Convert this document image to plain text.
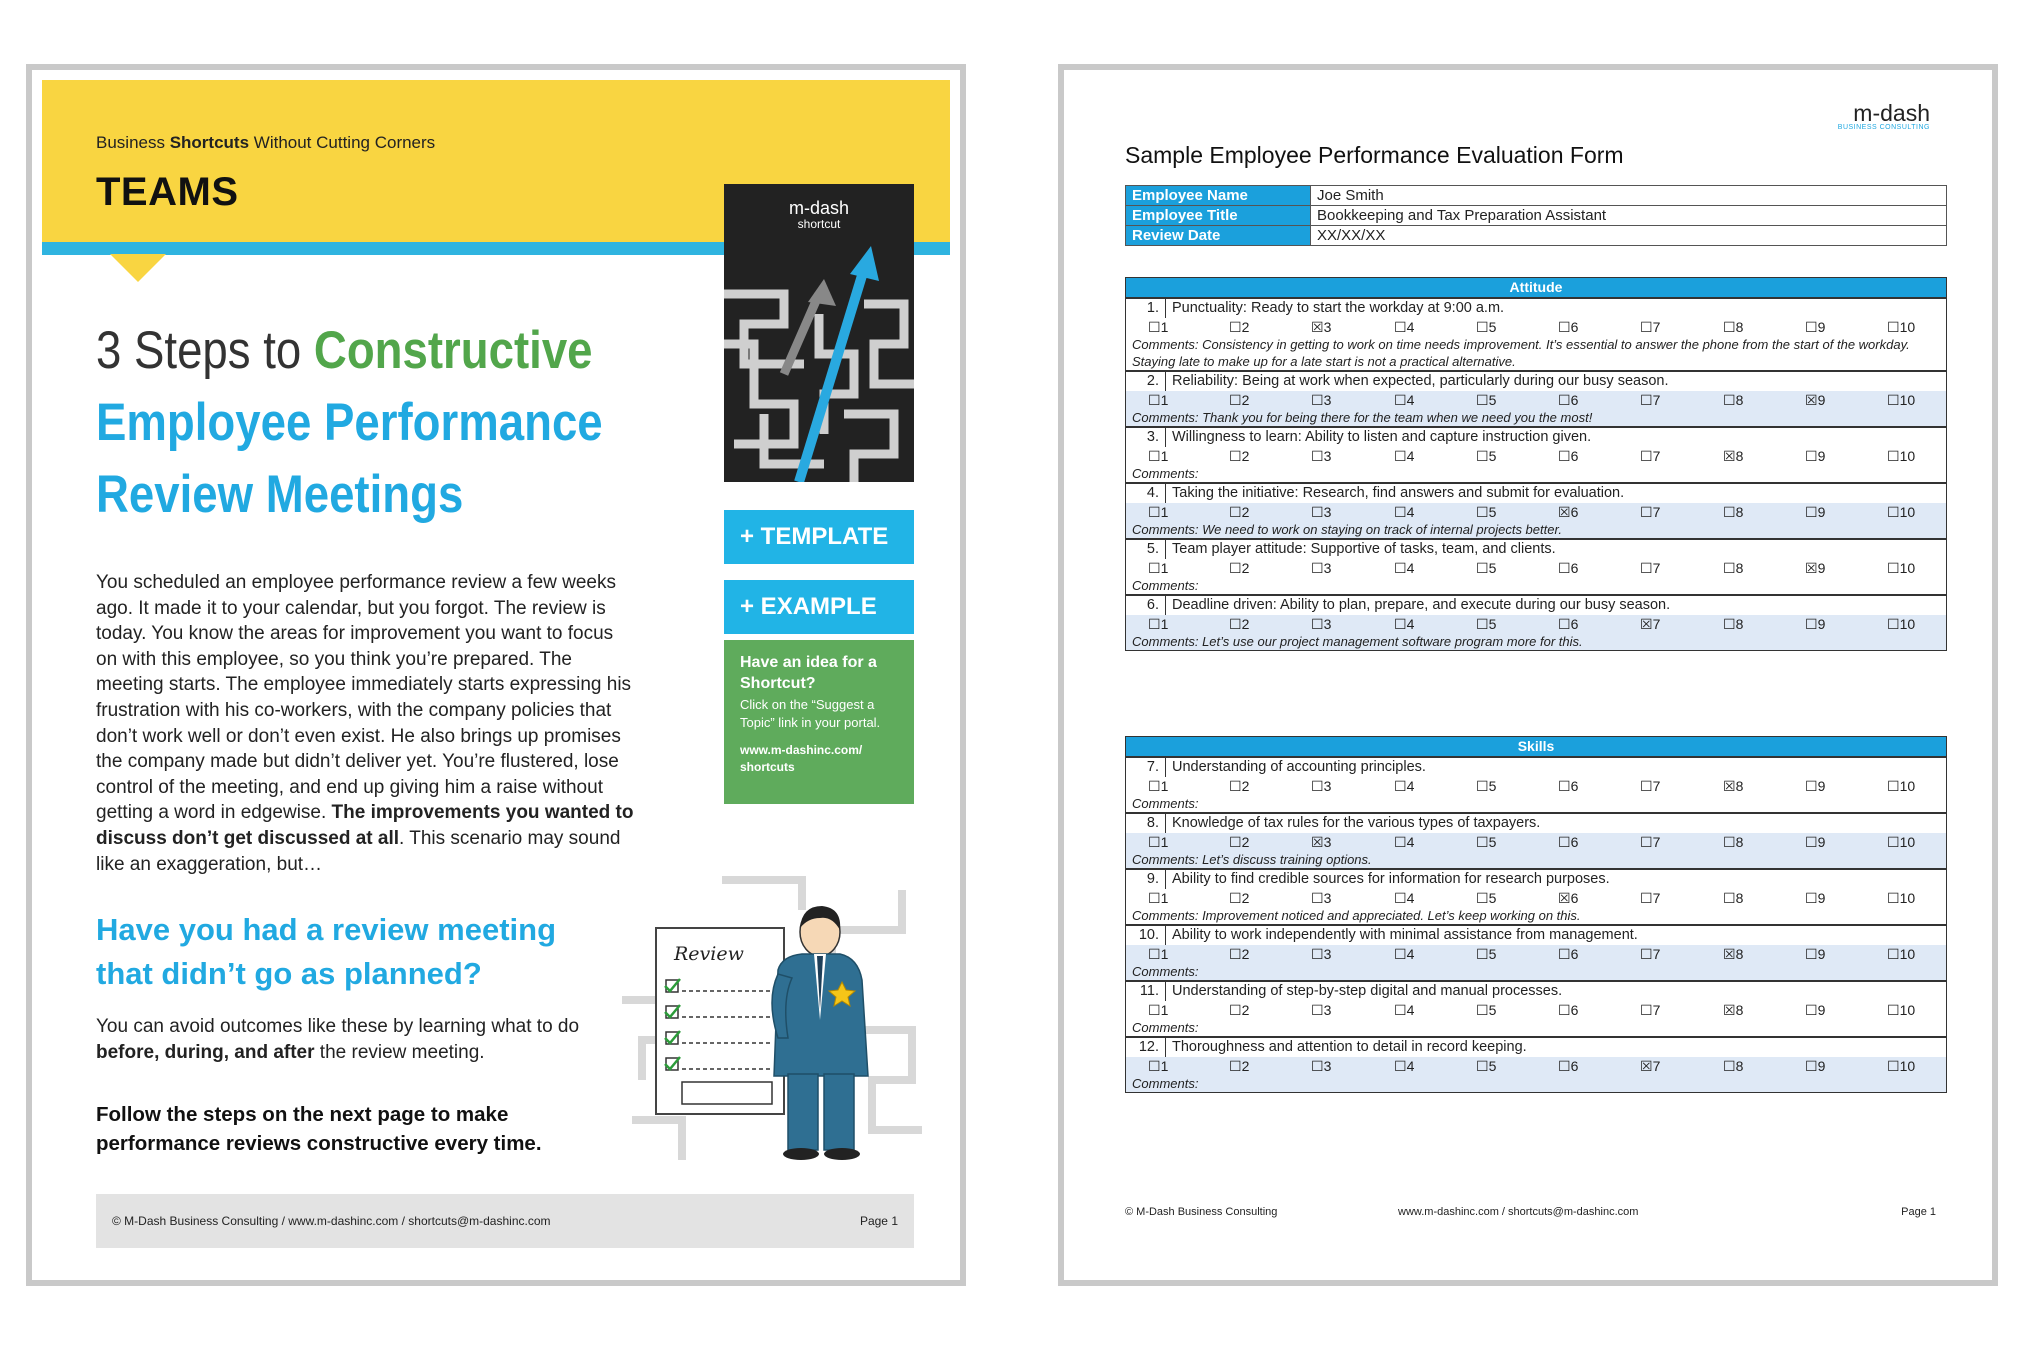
Business Shortcuts Without Cutting Corners
TEAMS
3 Steps to Constructive
Employee Performance
Review Meetings
m-dash
shortcut
+ TEMPLATE
+ EXAMPLE
Have an idea for a Shortcut?
Click on the “Suggest a Topic” link in your portal.
www.m-dashinc.com/ shortcuts
You scheduled an employee performance review a few weeks ago. It made it to your calendar, but you forgot. The review is today. You know the areas for improvement you want to focus on with this employee, so you think you’re prepared. The meeting starts. The employee immediately starts expressing his frustration with his co-workers, with the company policies that don’t work well or don’t even exist. He also brings up promises the company made but didn’t deliver yet. You’re flustered, lose control of the meeting, and end up giving him a raise without getting a word in edgewise. The improvements you wanted to discuss don’t get discussed at all. This scenario may sound like an exaggeration, but…
Have you had a review meeting that didn’t go as planned?
You can avoid outcomes like these by learning what to do before, during, and after the review meeting.
Follow the steps on the next page to make performance reviews constructive every time.
Review
© M-Dash Business Consulting / www.m-dashinc.com / shortcuts@m-dashinc.com	Page 1
m-dash
BUSINESS CONSULTING
Sample Employee Performance Evaluation Form
Employee Name	Joe Smith
Employee Title	Bookkeeping and Tax Preparation Assistant
Review Date	XX/XX/XX
Attitude
1. Punctuality: Ready to start the workday at 9:00 a.m.
☐1	☐2	☒3	☐4	☐5	☐6	☐7	☐8	☐9	☐10
Comments: Consistency in getting to work on time needs improvement. It’s essential to answer the phone from the start of the workday. Staying late to make up for a late start is not a practical alternative.
2. Reliability: Being at work when expected, particularly during our busy season.
☐1	☐2	☐3	☐4	☐5	☐6	☐7	☐8	☒9	☐10
Comments: Thank you for being there for the team when we need you the most!
3. Willingness to learn: Ability to listen and capture instruction given.
☐1	☐2	☐3	☐4	☐5	☐6	☐7	☒8	☐9	☐10
Comments:
4. Taking the initiative: Research, find answers and submit for evaluation.
☐1	☐2	☐3	☐4	☐5	☒6	☐7	☐8	☐9	☐10
Comments: We need to work on staying on track of internal projects better.
5. Team player attitude: Supportive of tasks, team, and clients.
☐1	☐2	☐3	☐4	☐5	☐6	☐7	☐8	☒9	☐10
Comments:
6. Deadline driven: Ability to plan, prepare, and execute during our busy season.
☐1	☐2	☐3	☐4	☐5	☐6	☒7	☐8	☐9	☐10
Comments: Let’s use our project management software program more for this.
Skills
7. Understanding of accounting principles.
☐1	☐2	☐3	☐4	☐5	☐6	☐7	☒8	☐9	☐10
Comments:
8. Knowledge of tax rules for the various types of taxpayers.
☐1	☐2	☒3	☐4	☐5	☐6	☐7	☐8	☐9	☐10
Comments: Let’s discuss training options.
9. Ability to find credible sources for information for research purposes.
☐1	☐2	☐3	☐4	☐5	☒6	☐7	☐8	☐9	☐10
Comments: Improvement noticed and appreciated. Let’s keep working on this.
10. Ability to work independently with minimal assistance from management.
☐1	☐2	☐3	☐4	☐5	☐6	☐7	☒8	☐9	☐10
Comments:
11. Understanding of step-by-step digital and manual processes.
☐1	☐2	☐3	☐4	☐5	☐6	☐7	☒8	☐9	☐10
Comments:
12. Thoroughness and attention to detail in record keeping.
☐1	☐2	☐3	☐4	☐5	☐6	☒7	☐8	☐9	☐10
Comments:
© M-Dash Business Consulting	www.m-dashinc.com / shortcuts@m-dashinc.com	Page 1
